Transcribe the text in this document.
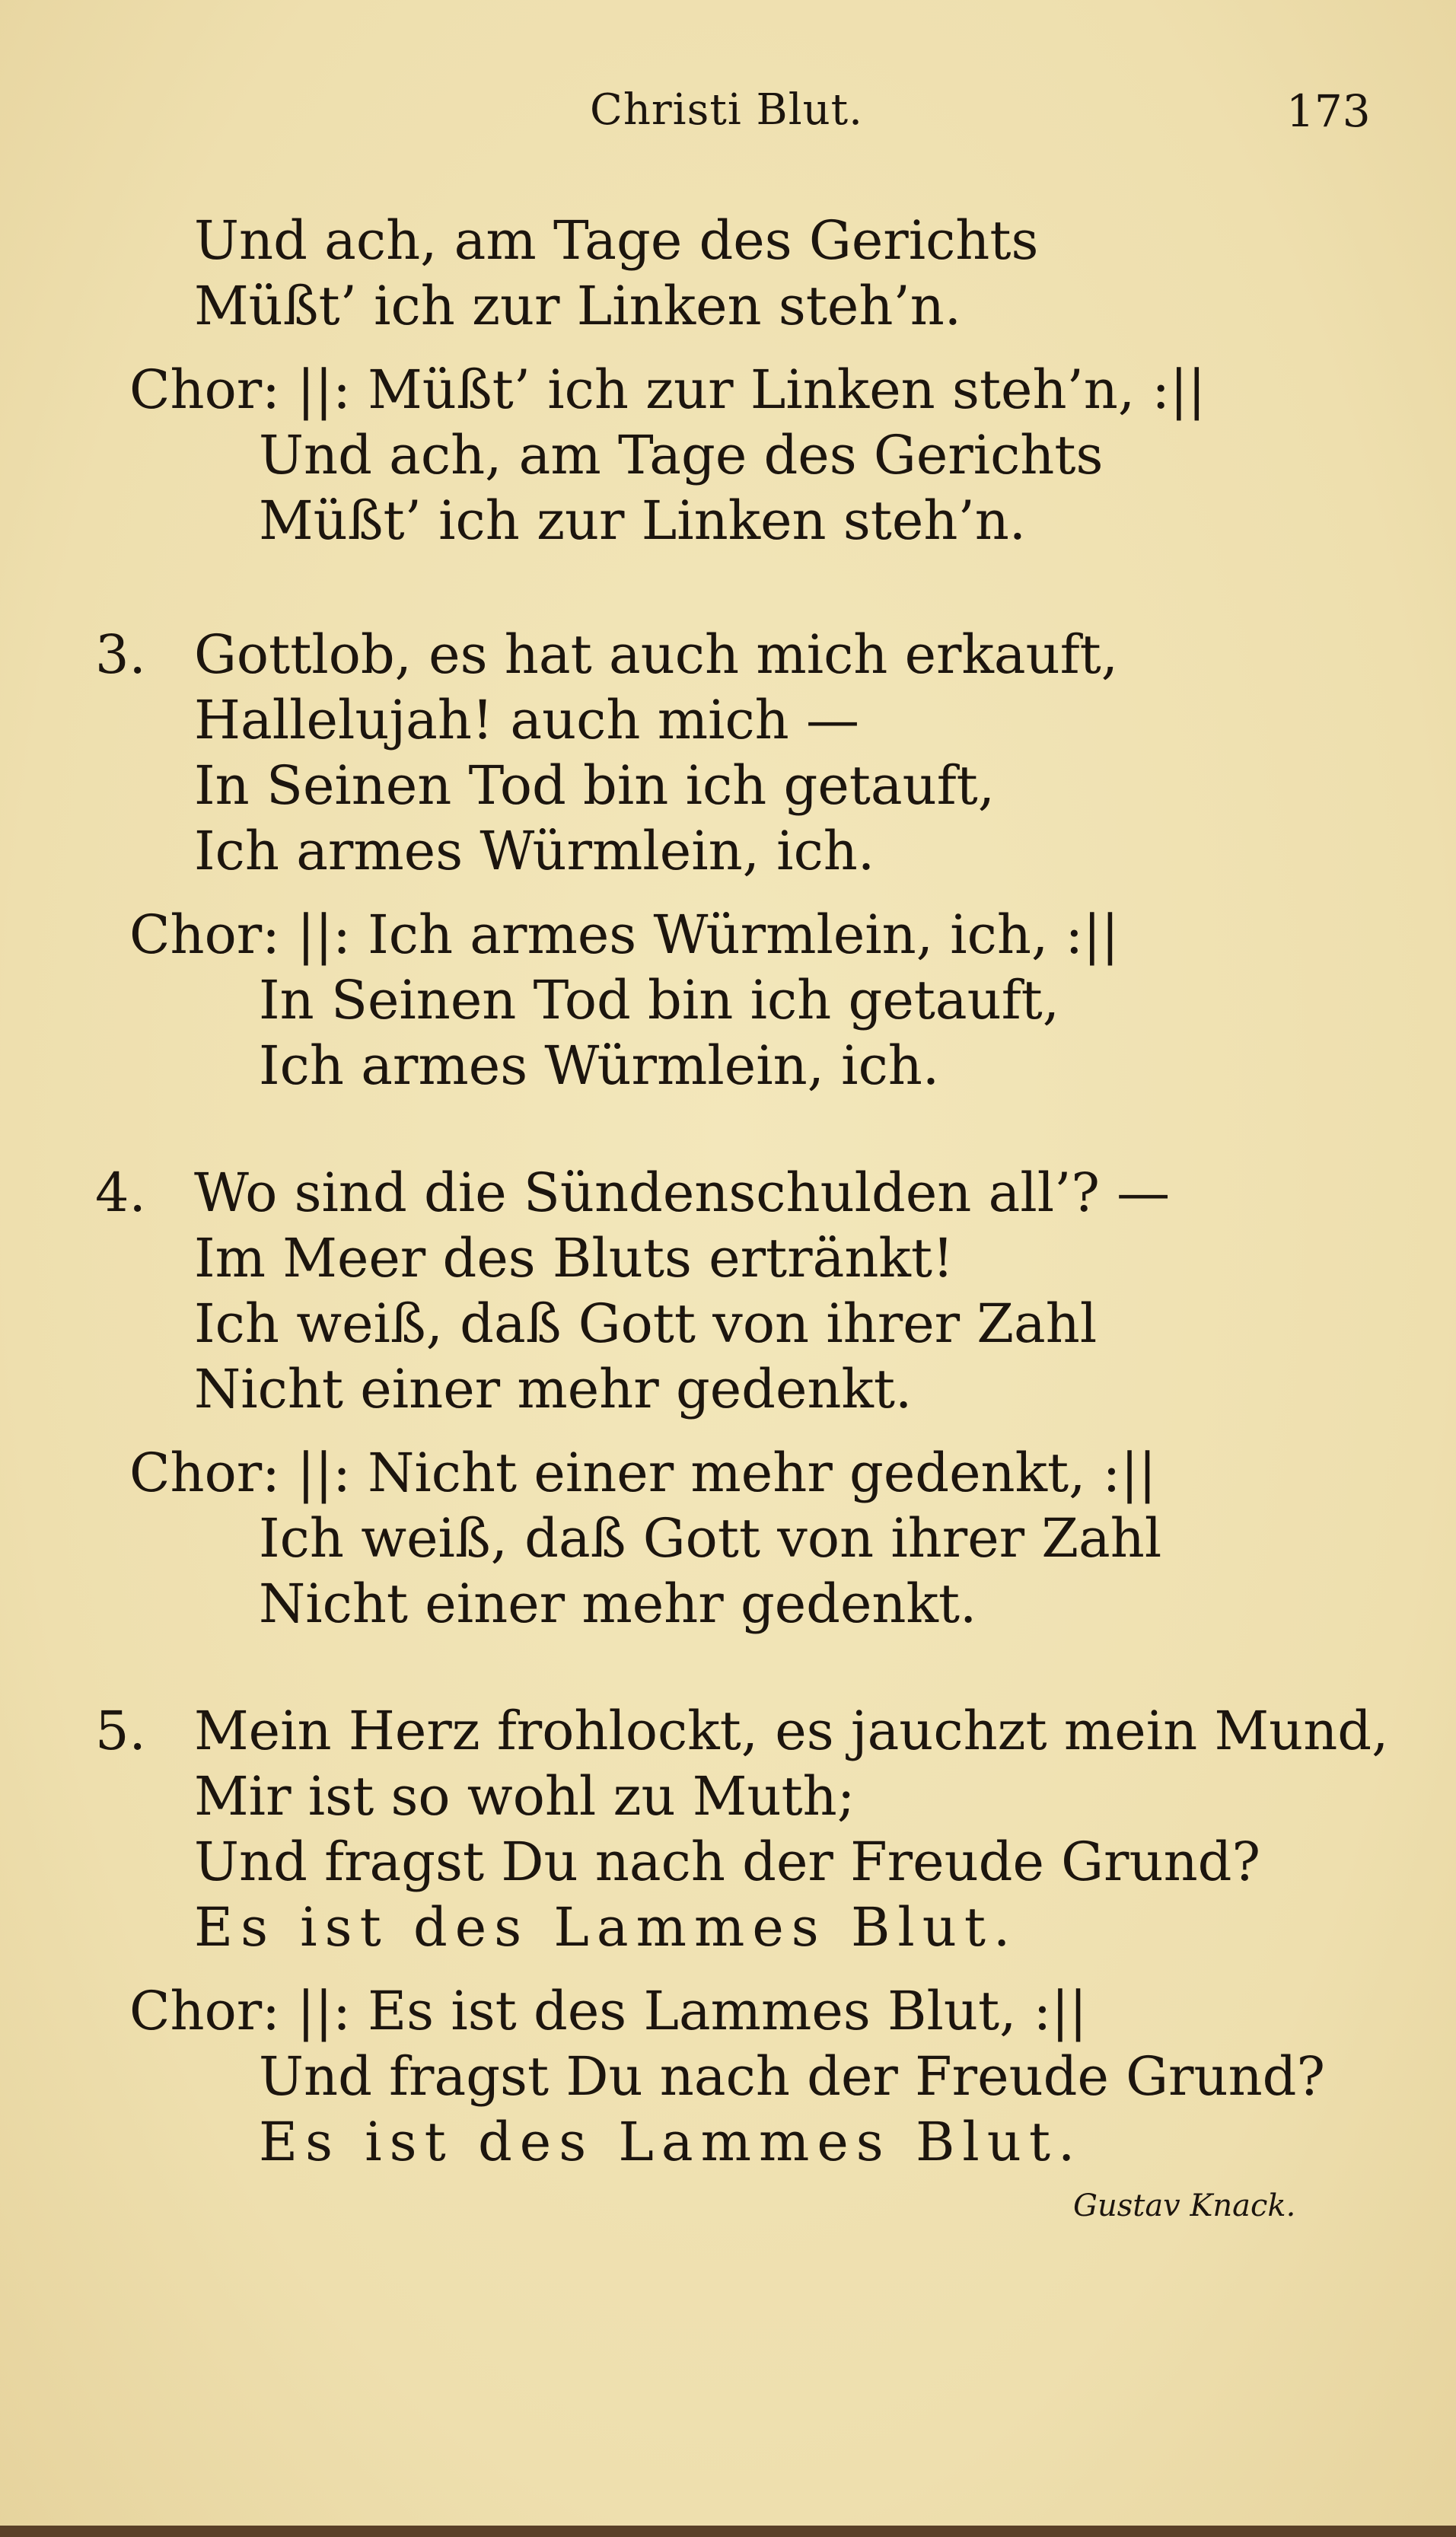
Christi Blut.	173
Und ach, am Tage des Gerichts
Müßt’ ich zur Linken steh’n.
Chor: ||: Müßt’ ich zur Linken steh’n, :||
Und ach, am Tage des Gerichts
Müßt’ ich zur Linken steh’n.
3. Gottlob, es hat auch mich erkauft,
Hallelujah! auch mich —
In Seinen Tod bin ich getauft,
Ich armes Würmlein, ich.
Chor: ||: Ich armes Würmlein, ich, :||
In Seinen Tod bin ich getauft,
Ich armes Würmlein, ich.
4. Wo sind die Sündenschulden all’? —
Im Meer des Bluts ertränkt!
Ich weiß, daß Gott von ihrer Zahl
Nicht einer mehr gedenkt.
Chor: ||: Nicht einer mehr gedenkt, :||
Ich weiß, daß Gott von ihrer Zahl
Nicht einer mehr gedenkt.
5. Mein Herz frohlockt, es jauchzt mein Mund,
Mir ist so wohl zu Muth;
Und fragst Du nach der Freude Grund?
Es ist des Lammes Blut.
Chor: ||: Es ist des Lammes Blut, :||
Und fragst Du nach der Freude Grund?
Es ist des Lammes Blut.
Gustav Knack.
